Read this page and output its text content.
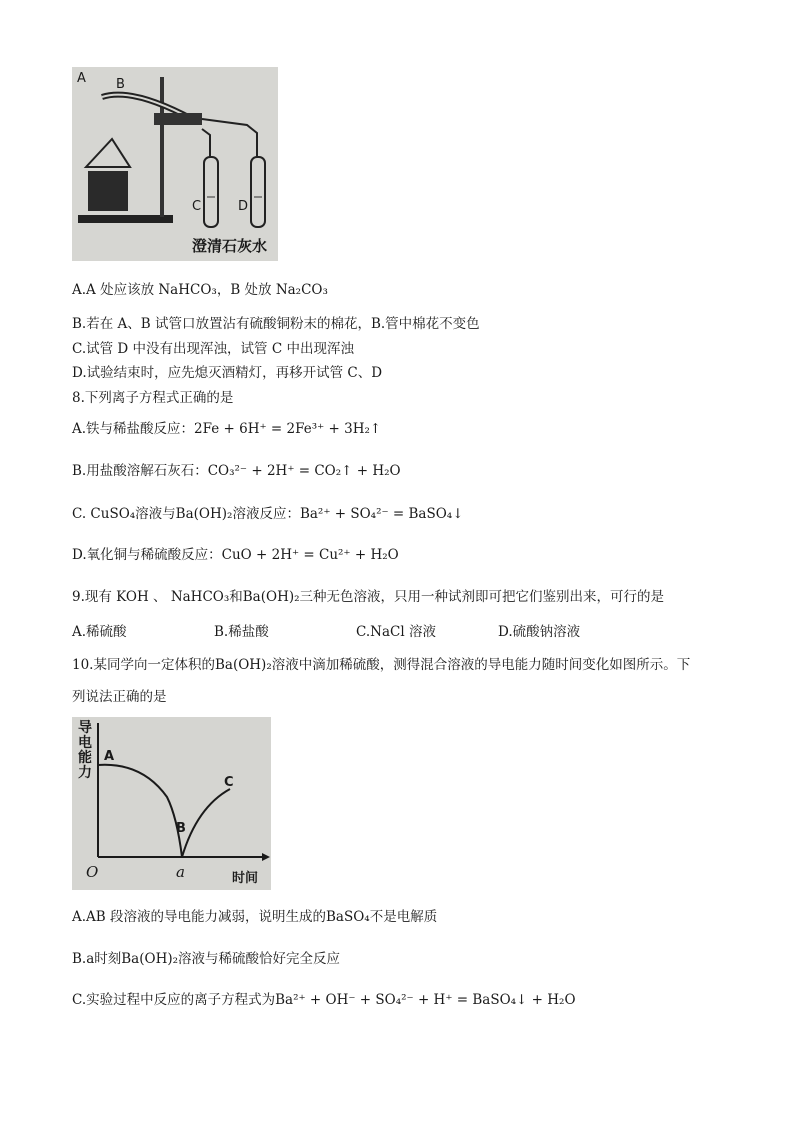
A B
C	D
澄清石灰水
A.A 处应该放 NaHCO₃，B 处放 Na₂CO₃
B.若在 A、B 试管口放置沾有硫酸铜粉末的棉花，B.管中棉花不变色
C.试管 D 中没有出现浑浊，试管 C 中出现浑浊
D.试验结束时，应先熄灭酒精灯，再移开试管 C、D
8.下列离子方程式正确的是
A.铁与稀盐酸反应：2Fe + 6H⁺ = 2Fe³⁺ + 3H₂↑
B.用盐酸溶解石灰石：CO₃²⁻ + 2H⁺ = CO₂↑ + H₂O
C. CuSO₄溶液与Ba(OH)₂溶液反应：Ba²⁺ + SO₄²⁻ = BaSO₄↓
D.氧化铜与稀硫酸反应：CuO + 2H⁺ = Cu²⁺ + H₂O
9.现有 KOH 、 NaHCO₃和Ba(OH)₂三种无色溶液，只用一种试剂即可把它们鉴别出来，可行的是
A.稀硫酸	B.稀盐酸	C.NaCl 溶液	D.硫酸钠溶液
10.某同学向一定体积的Ba(OH)₂溶液中滴加稀硫酸，测得混合溶液的导电能力随时间变化如图所示。下
列说法正确的是
导
电
能
力
A
B
C
O	a	时间
A.AB 段溶液的导电能力减弱，说明生成的BaSO₄不是电解质
B.a时刻Ba(OH)₂溶液与稀硫酸恰好完全反应
C.实验过程中反应的离子方程式为Ba²⁺ + OH⁻ + SO₄²⁻ + H⁺ = BaSO₄↓ + H₂O
